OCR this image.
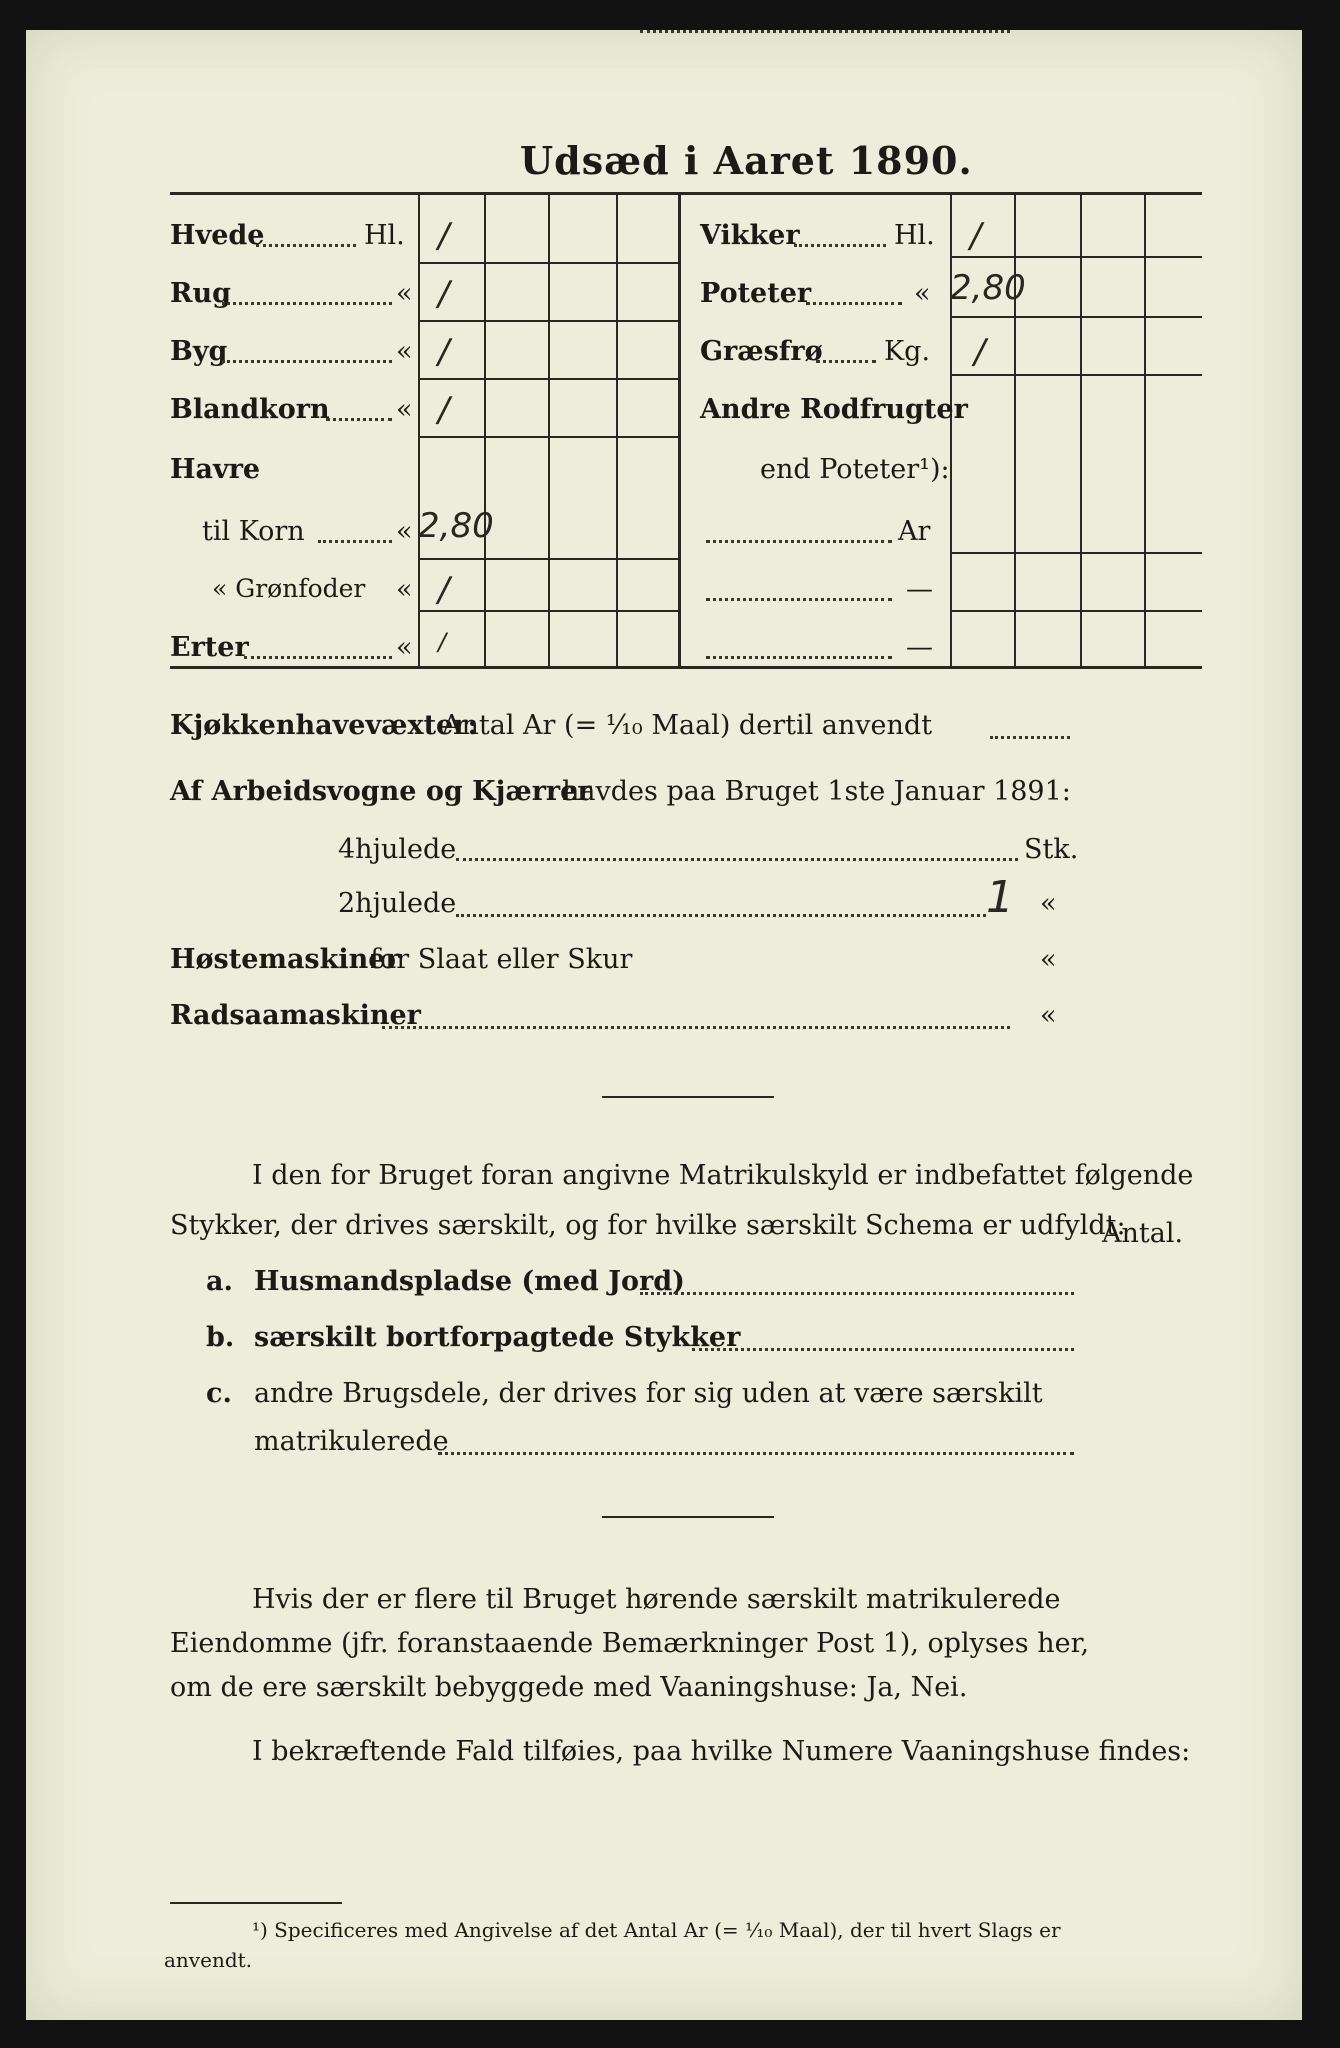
Udsæd i Aaret 1890.
Hvede	Hl. ∕
Rug	« ∕
Byg	« ∕
Blandkorn « ∕
Havre
til Korn	« 2,80
« Grønfoder « ∕
Erter	« ∕
Vikker	Hl. ∕
Poteter	« 2,80
Græsfrø Kg. ∕
Andre Rodfrugter
end Poteter¹):
Ar
—
—
Kjøkkenhavevæxter:
Antal Ar (= ¹⁄₁₀ Maal) dertil anvendt
Af Arbeidsvogne og Kjærrer
havdes paa Bruget 1ste Januar 1891:
4hjulede	Stk.
2hjulede	1 «
Høstemaskiner
for Slaat eller Skur	«
Radsaamaskiner	«
I den for Bruget foran angivne Matrikulskyld er indbefattet følgende
Stykker, der drives særskilt, og for hvilke særskilt Schema er udfyldt:
Antal.
a. Husmandspladse (med Jord)
b. særskilt bortforpagtede Stykker
c. andre Brugsdele, der drives for sig uden at være særskilt
matrikulerede
Hvis der er flere til Bruget hørende særskilt matrikulerede
Eiendomme (jfr. foranstaaende Bemærkninger Post 1), oplyses her,
om de ere særskilt bebyggede med Vaaningshuse: Ja, Nei.
I bekræftende Fald tilføies, paa hvilke Numere Vaaningshuse findes:
¹) Specificeres med Angivelse af det Antal Ar (= ¹⁄₁₀ Maal), der til hvert Slags er
anvendt.
